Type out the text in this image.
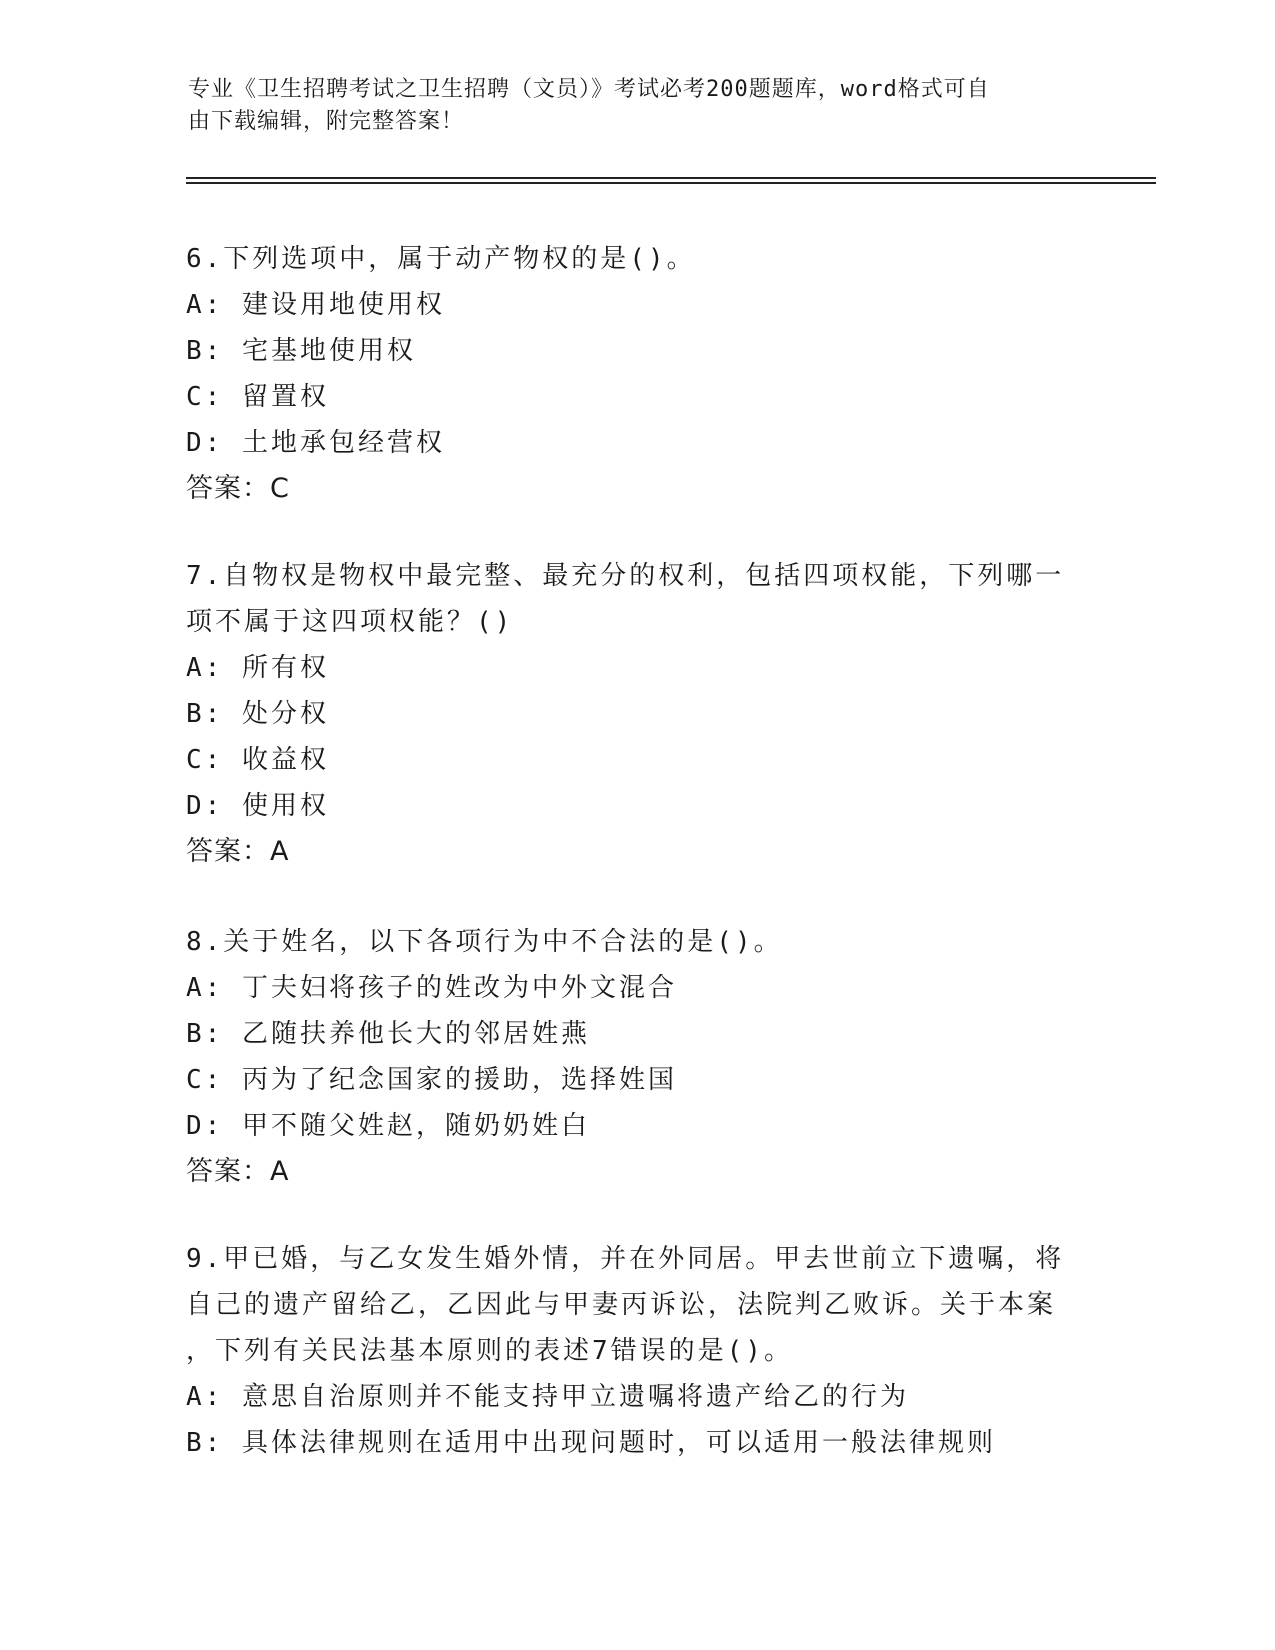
专业《卫生招聘考试之卫生招聘（文员）》考试必考200题题库，word格式可自
由下载编辑，附完整答案！

6.下列选项中，属于动产物权的是()。

A: 建设用地使用权

B: 宅基地使用权

C: 留置权

D: 土地承包经营权

答案：C

7.自物权是物权中最完整、最充分的权利，包括四项权能，下列哪一

项不属于这四项权能？()

A: 所有权

B: 处分权

C: 收益权

D: 使用权

答案：A

8.关于姓名，以下各项行为中不合法的是()。

A: 丁夫妇将孩子的姓改为中外文混合

B: 乙随扶养他长大的邻居姓燕

C: 丙为了纪念国家的援助，选择姓国

D: 甲不随父姓赵，随奶奶姓白

答案：A

9.甲已婚，与乙女发生婚外情，并在外同居。甲去世前立下遗嘱，将

自己的遗产留给乙，乙因此与甲妻丙诉讼，法院判乙败诉。关于本案

，下列有关民法基本原则的表述7错误的是()。

A: 意思自治原则并不能支持甲立遗嘱将遗产给乙的行为

B: 具体法律规则在适用中出现问题时，可以适用一般法律规则
